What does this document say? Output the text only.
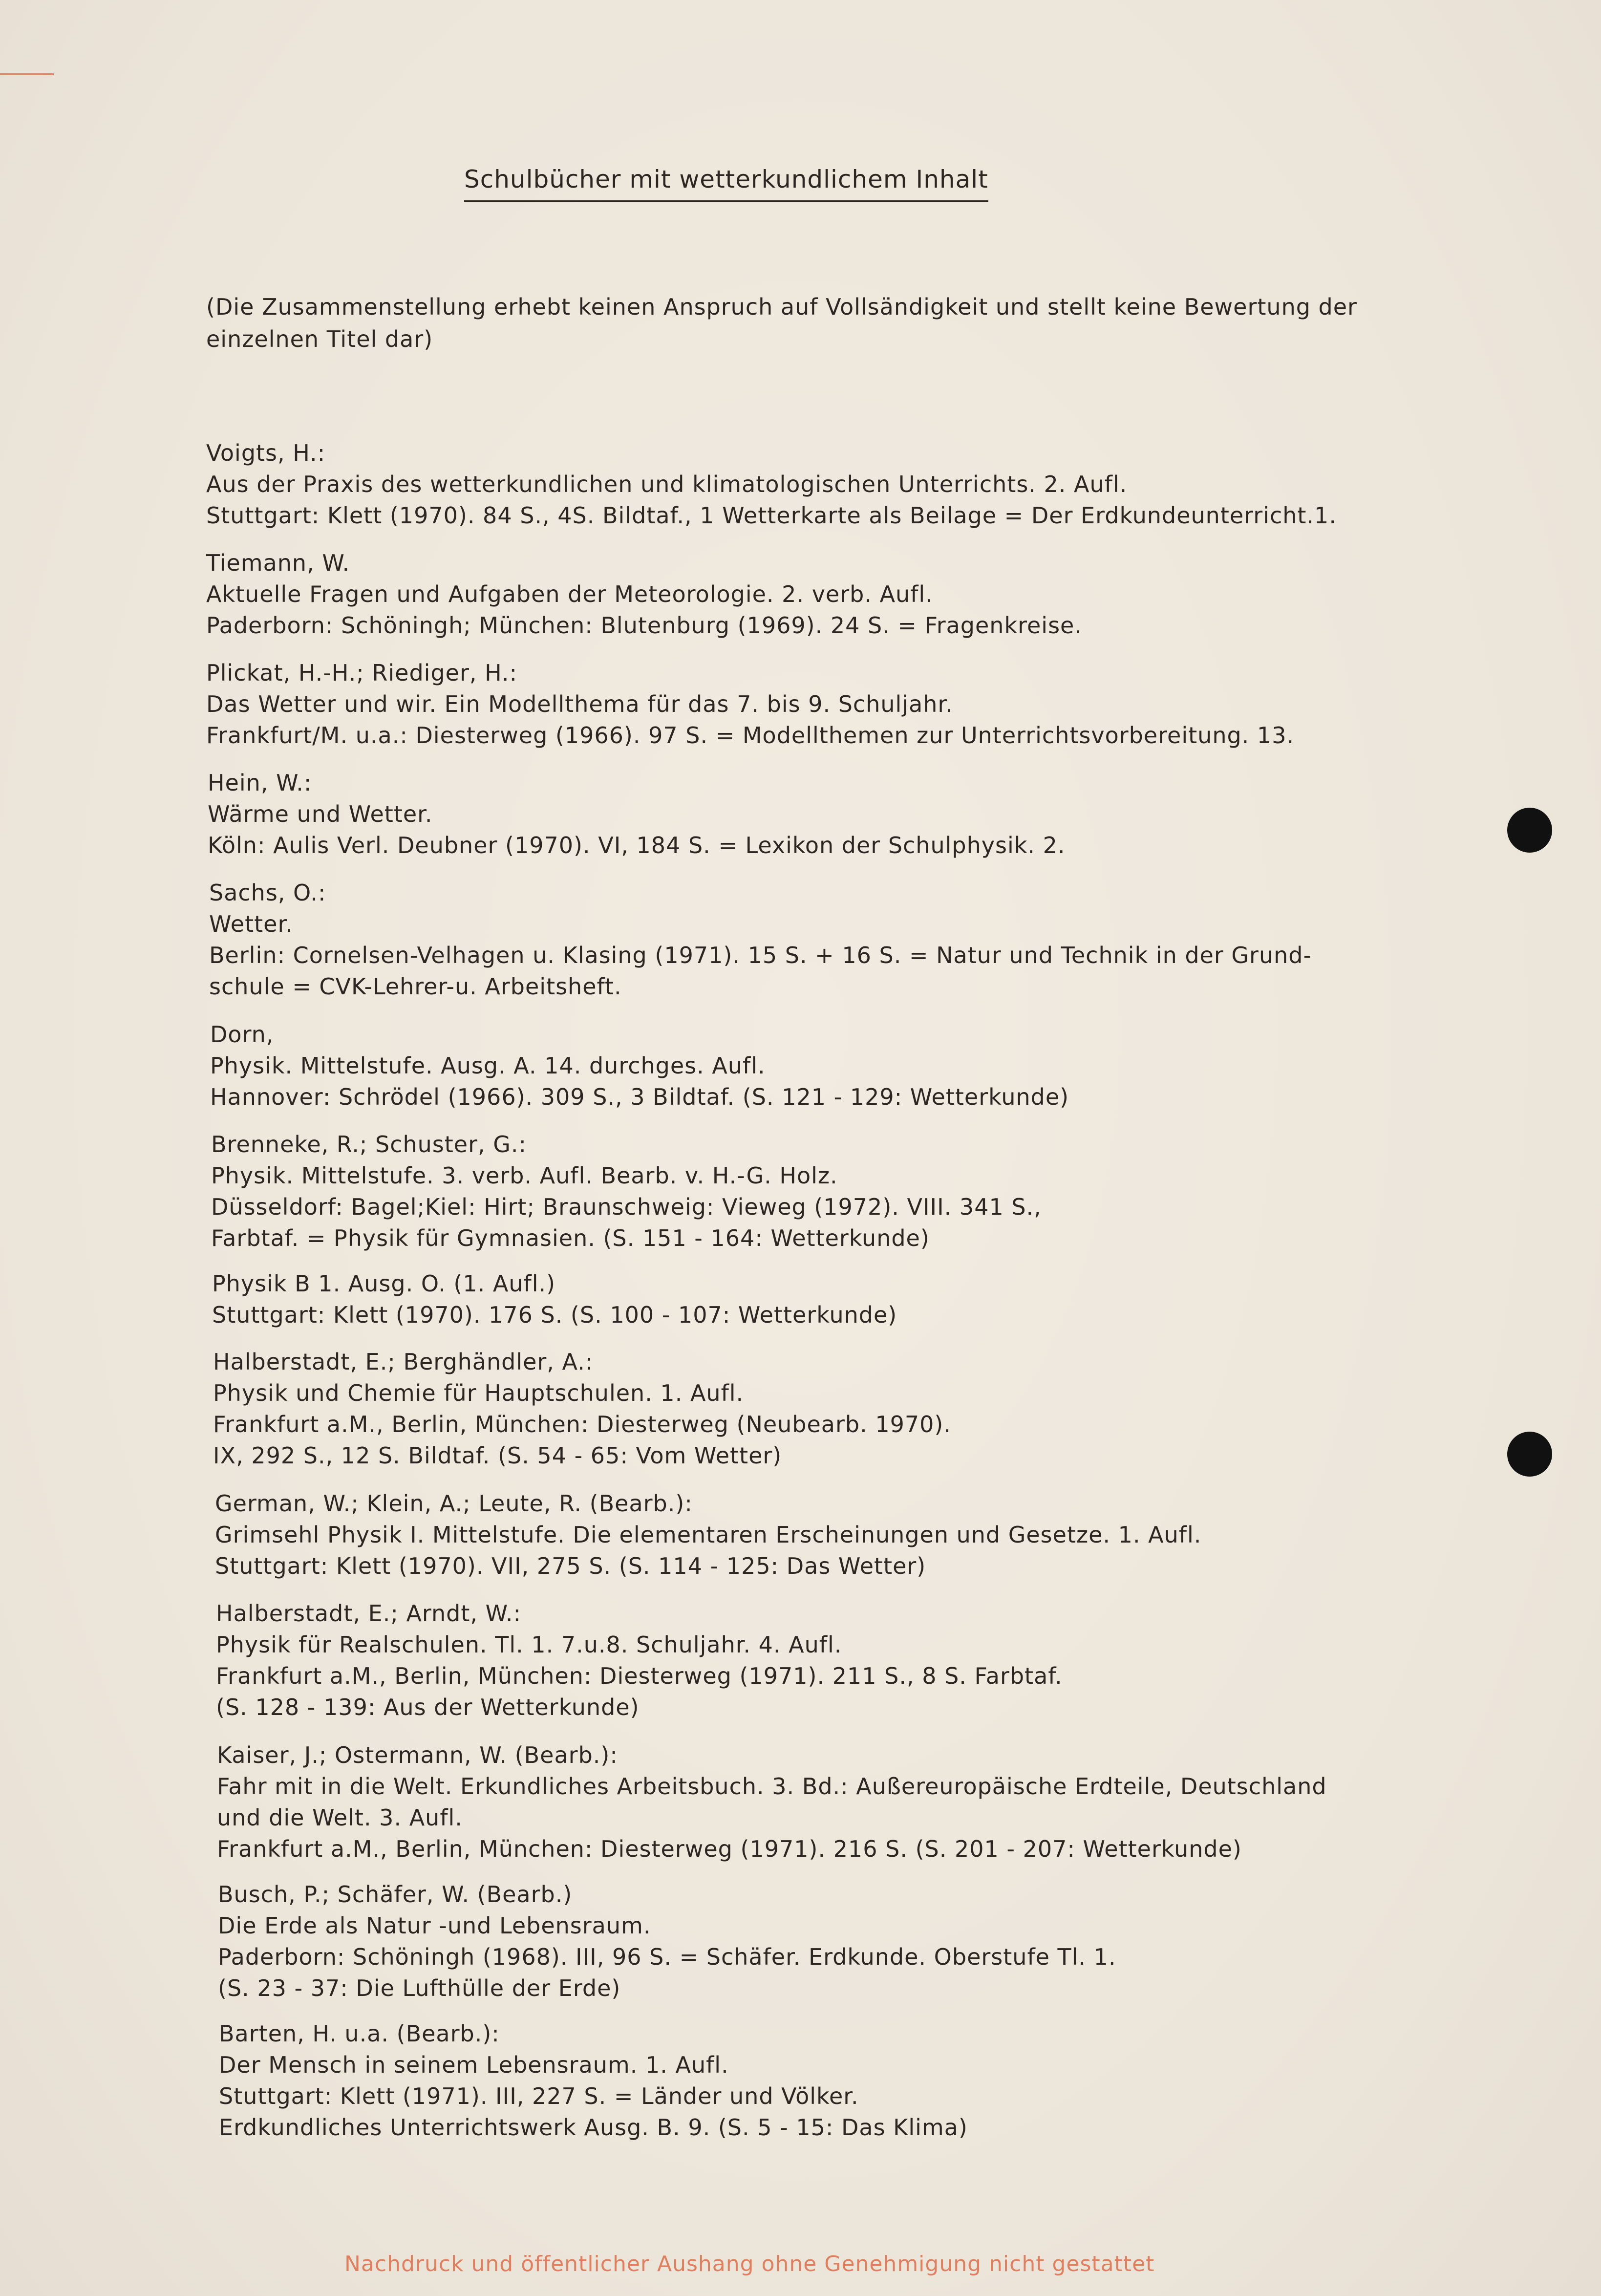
Schulbücher mit wetterkundlichem Inhalt
(Die Zusammenstellung erhebt keinen Anspruch auf Vollsändigkeit und stellt keine Bewertung der einzelnen Titel dar)
Voigts, H.:
Aus der Praxis des wetterkundlichen und klimatologischen Unterrichts. 2. Aufl.
Stuttgart: Klett (1970). 84 S., 4S. Bildtaf., 1 Wetterkarte als Beilage = Der Erdkundeunterricht.1.
Tiemann, W.
Aktuelle Fragen und Aufgaben der Meteorologie. 2. verb. Aufl.
Paderborn: Schöningh; München: Blutenburg (1969). 24 S. = Fragenkreise.
Plickat, H.-H.; Riediger, H.:
Das Wetter und wir. Ein Modellthema für das 7. bis 9. Schuljahr.
Frankfurt/M. u.a.: Diesterweg (1966). 97 S. = Modellthemen zur Unterrichtsvorbereitung. 13.
Hein, W.:
Wärme und Wetter.
Köln: Aulis Verl. Deubner (1970). VI, 184 S. = Lexikon der Schulphysik. 2.
Sachs, O.:
Wetter.
Berlin: Cornelsen-Velhagen u. Klasing (1971). 15 S. + 16 S. = Natur und Technik in der Grund-
schule = CVK-Lehrer-u. Arbeitsheft.
Dorn,
Physik. Mittelstufe. Ausg. A. 14. durchges. Aufl.
Hannover: Schrödel (1966). 309 S., 3 Bildtaf. (S. 121 - 129: Wetterkunde)
Brenneke, R.; Schuster, G.:
Physik. Mittelstufe. 3. verb. Aufl. Bearb. v. H.-G. Holz.
Düsseldorf: Bagel;Kiel: Hirt; Braunschweig: Vieweg (1972). VIII. 341 S.,
Farbtaf. = Physik für Gymnasien. (S. 151 - 164: Wetterkunde)
Physik B 1. Ausg. O. (1. Aufl.)
Stuttgart: Klett (1970). 176 S. (S. 100 - 107: Wetterkunde)
Halberstadt, E.; Berghändler, A.:
Physik und Chemie für Hauptschulen. 1. Aufl.
Frankfurt a.M., Berlin, München: Diesterweg (Neubearb. 1970).
IX, 292 S., 12 S. Bildtaf. (S. 54 - 65: Vom Wetter)
German, W.; Klein, A.; Leute, R. (Bearb.):
Grimsehl Physik I. Mittelstufe. Die elementaren Erscheinungen und Gesetze. 1. Aufl.
Stuttgart: Klett (1970). VII, 275 S. (S. 114 - 125: Das Wetter)
Halberstadt, E.; Arndt, W.:
Physik für Realschulen. Tl. 1. 7.u.8. Schuljahr. 4. Aufl.
Frankfurt a.M., Berlin, München: Diesterweg (1971). 211 S., 8 S. Farbtaf.
(S. 128 - 139: Aus der Wetterkunde)
Kaiser, J.; Ostermann, W. (Bearb.):
Fahr mit in die Welt. Erkundliches Arbeitsbuch. 3. Bd.: Außereuropäische Erdteile, Deutschland
und die Welt. 3. Aufl.
Frankfurt a.M., Berlin, München: Diesterweg (1971). 216 S. (S. 201 - 207: Wetterkunde)
Busch, P.; Schäfer, W. (Bearb.)
Die Erde als Natur -und Lebensraum.
Paderborn: Schöningh (1968). III, 96 S. = Schäfer. Erdkunde. Oberstufe Tl. 1.
(S. 23 - 37: Die Lufthülle der Erde)
Barten, H. u.a. (Bearb.):
Der Mensch in seinem Lebensraum. 1. Aufl.
Stuttgart: Klett (1971). III, 227 S. = Länder und Völker.
Erdkundliches Unterrichtswerk Ausg. B. 9. (S. 5 - 15: Das Klima)
Nachdruck und öffentlicher Aushang ohne Genehmigung nicht gestattet
